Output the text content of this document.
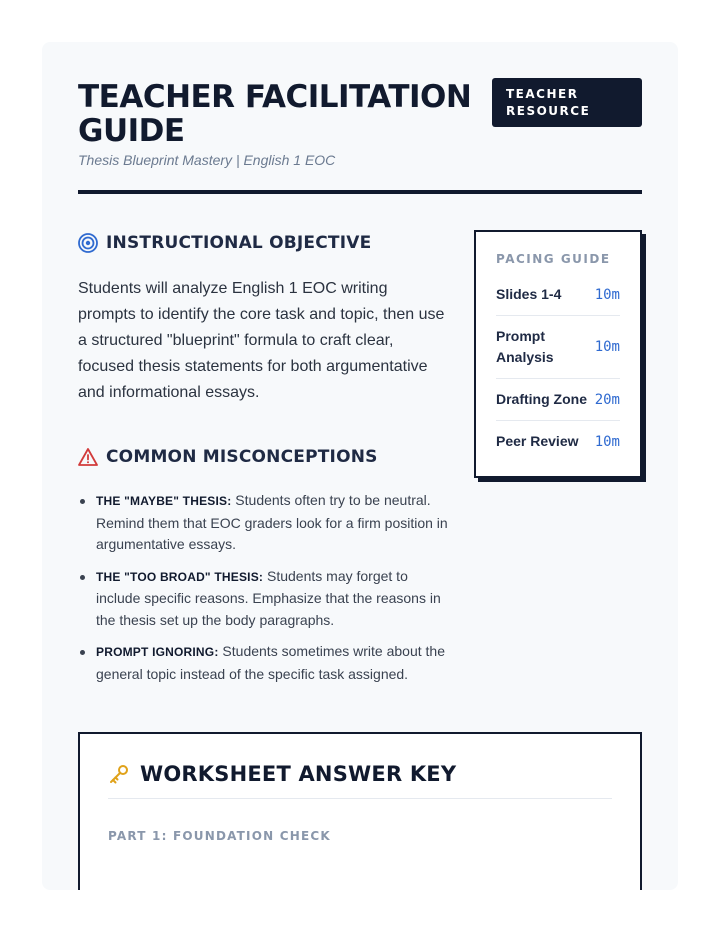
TEACHER FACILITATION GUIDE
Thesis Blueprint Mastery | English 1 EOC
TEACHER RESOURCE
INSTRUCTIONAL OBJECTIVE

Students will analyze English 1 EOC writing prompts to identify the core task and topic, then use a structured "blueprint" formula to craft clear, focused thesis statements for both argumentative and informational essays.

COMMON MISCONCEPTIONS
THE "MAYBE" THESIS: Students often try to be neutral. Remind them that EOC graders look for a firm position in argumentative essays.
THE "TOO BROAD" THESIS: Students may forget to include specific reasons. Emphasize that the reasons in the thesis set up the body paragraphs.
PROMPT IGNORING: Students sometimes write about the general topic instead of the specific task assigned.
PACING GUIDE
Slides 1-4 10m
Prompt Analysis
10m
Drafting Zone 20m
Peer Review 10m
WORKSHEET ANSWER KEY
PART 1: FOUNDATION CHECK
